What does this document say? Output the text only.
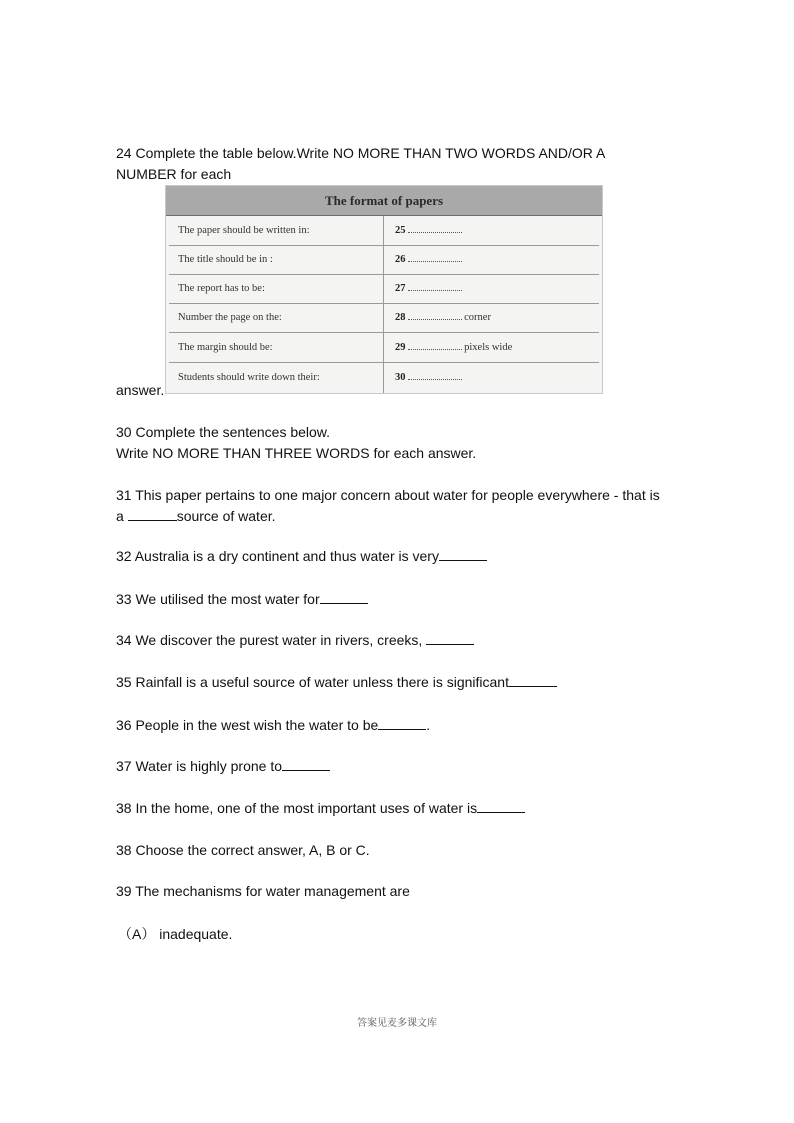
24 Complete the table below.Write NO MORE THAN TWO WORDS AND/OR A
NUMBER for each
The format of papers
The paper should be written in:	25
The title should be in :	26
The report has to be:	27
Number the page on the:	28	corner
The margin should be:	29	pixels wide
Students should write down their:	30
answer.
30 Complete the sentences below.
Write NO MORE THAN THREE WORDS for each answer.
31 This paper pertains to one major concern about water for people everywhere - that is
a	source of water.
32 Australia is a dry continent and thus water is very
33 We utilised the most water for
34 We discover the purest water in rivers, creeks,
35 Rainfall is a useful source of water unless there is significant
36 People in the west wish the water to be	.
37 Water is highly prone to
38 In the home, one of the most important uses of water is
38 Choose the correct answer, A, B or C.
39 The mechanisms for water management are
（A） inadequate.
答案见麦多课文库
